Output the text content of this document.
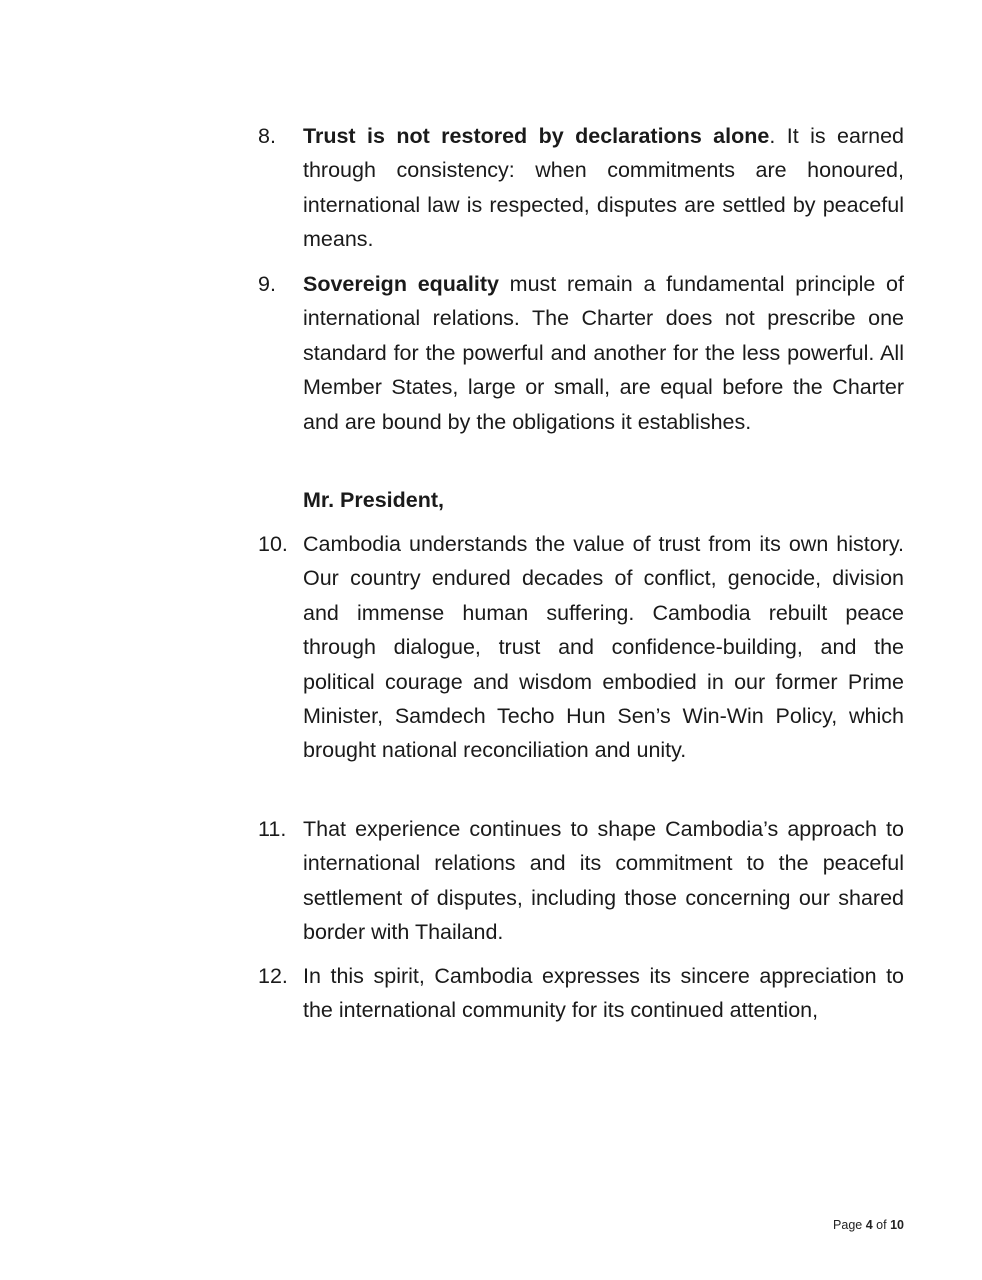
8.	Trust is not restored by declarations alone. It is earned through consistency: when commitments are honoured, international law is respected, disputes are settled by peaceful means.
9.	Sovereign equality must remain a fundamental principle of international relations. The Charter does not prescribe one standard for the powerful and another for the less powerful. All Member States, large or small, are equal before the Charter and are bound by the obligations it establishes.
Mr. President,
10. Cambodia understands the value of trust from its own history. Our country endured decades of conflict, genocide, division and immense human suffering. Cambodia rebuilt peace through dialogue, trust and confidence-building, and the political courage and wisdom embodied in our former Prime Minister, Samdech Techo Hun Sen’s Win-Win Policy, which brought national reconciliation and unity.
11. That experience continues to shape Cambodia’s approach to international relations and its commitment to the peaceful settlement of disputes, including those concerning our shared border with Thailand.
12. In this spirit, Cambodia expresses its sincere appreciation to the international community for its continued attention,
Page 4 of 10
